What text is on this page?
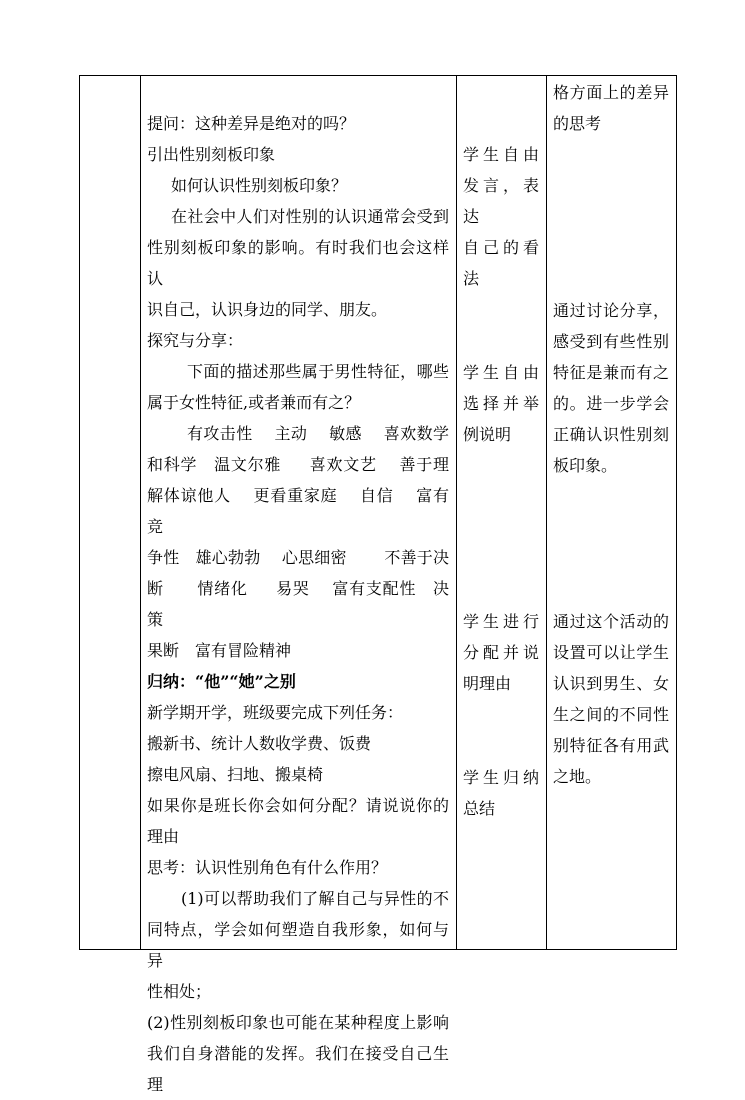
提问：这种差异是绝对的吗？

引出性别刻板印象

如何认识性别刻板印象？

在社会中人们对性别的认识通常会受到

性别刻板印象的影响。有时我们也会这样认

识自己，认识身边的同学、朋友。

探究与分享：

下面的描述那些属于男性特征，哪些

属于女性特征,或者兼而有之？

有攻击性　 主动 　敏感 　喜欢数学

和科学　温文尔雅 　 喜欢文艺 　善于理

解体谅他人 　更看重家庭 　自信 　富有竞

争性　雄心勃勃 　心思细密　 　不善于决

断　　情绪化 　 易哭　 富有支配性　决策

果断　富有冒险精神

归纳：“他”“她”之别

新学期开学，班级要完成下列任务：

搬新书、统计人数收学费、饭费

擦电风扇、扫地、搬桌椅

如果你是班长你会如何分配？请说说你的

理由

思考：认识性别角色有什么作用？

(1)可以帮助我们了解自己与异性的不

同特点，学会如何塑造自我形象，如何与异

性相处；

(2)性别刻板印象也可能在某种程度上影响

我们自身潜能的发挥。我们在接受自己生理

学生自由

发言，表达

自己的看

法

学生自由

选择并举

例说明

学生进行

分配并说

明理由

学生归纳

总结

格方面上的差异

的思考

通过讨论分享，

感受到有些性别

特征是兼而有之

的。进一步学会

正确认识性别刻

板印象。

通过这个活动的

设置可以让学生

认识到男生、女

生之间的不同性

别特征各有用武

之地。
